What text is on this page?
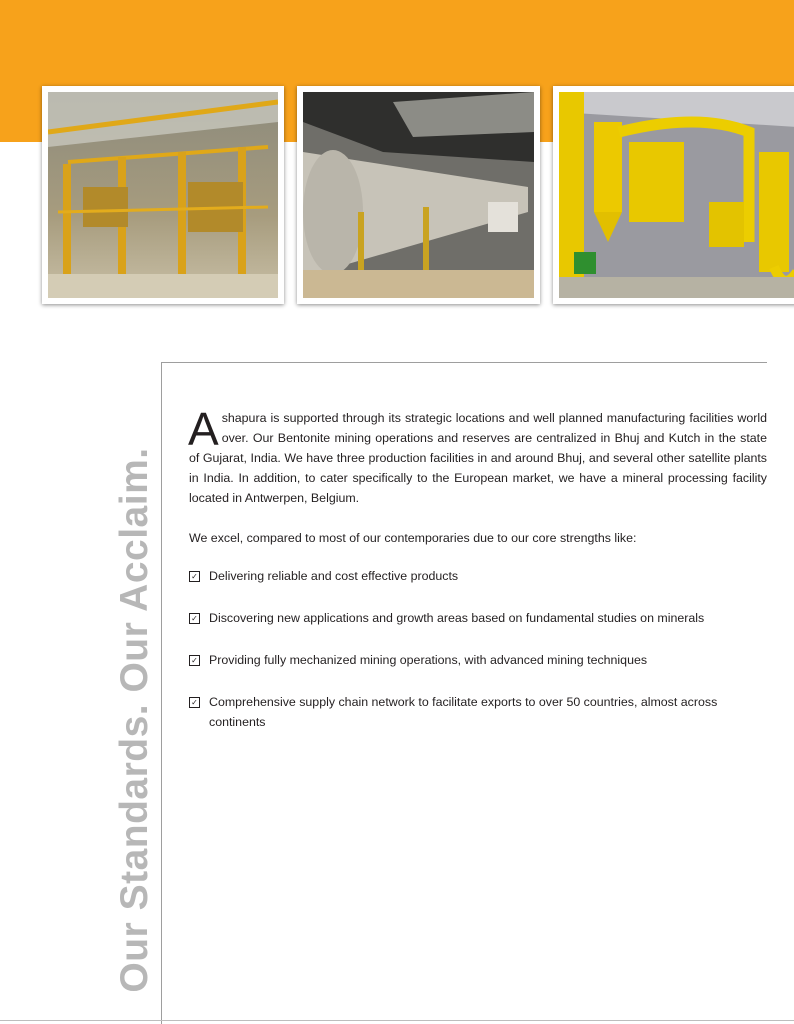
Our Standards. Our Acclaim.

Ashapura is supported through its strategic locations and well planned manufacturing facilities world over. Our Bentonite mining operations and reserves are centralized in Bhuj and Kutch in the state of Gujarat, India. We have three production facilities in and around Bhuj, and several other satellite plants in India. In addition, to cater specifically to the European market, we have a mineral processing facility located in Antwerpen, Belgium.

We excel, compared to most of our contemporaries due to our core strengths like:

✓ Delivering reliable and cost effective products
✓ Discovering new applications and growth areas based on fundamental studies on minerals
✓ Providing fully mechanized mining operations, with advanced mining techniques
✓ Comprehensive supply chain network to facilitate exports to over 50 countries, almost across continents
